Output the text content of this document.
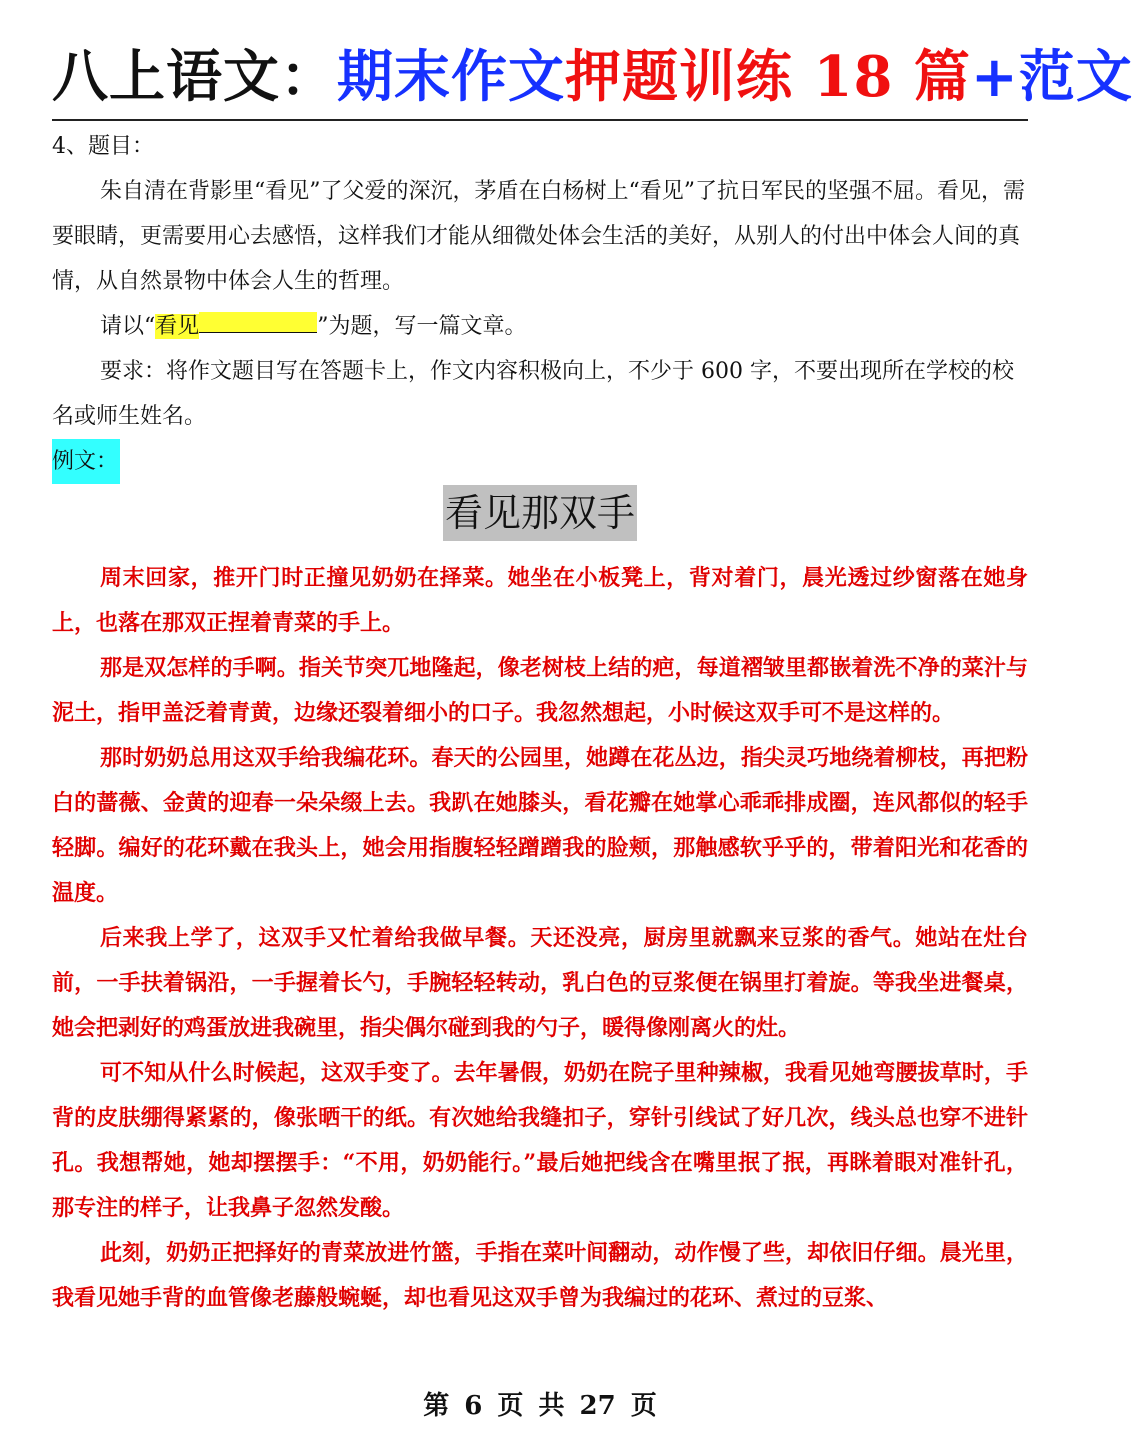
八上语文：期末作文押题训练 18 篇+范文

4、题目：

朱自清在背影里“看见”了父爱的深沉，茅盾在白杨树上“看见”了抗日军民的坚强不屈。看见，需要眼睛，更需要用心去感悟，这样我们才能从细微处体会生活的美好，从别人的付出中体会人间的真情，从自然景物中体会人生的哲理。

请以“看见	”为题，写一篇文章。

要求：将作文题目写在答题卡上，作文内容积极向上，不少于 600 字，不要出现所在学校的校名或师生姓名。

例文：

看见那双手

周末回家，推开门时正撞见奶奶在择菜。她坐在小板凳上，背对着门，晨光透过纱窗落在她身上，也落在那双正捏着青菜的手上。

那是双怎样的手啊。指关节突兀地隆起，像老树枝上结的疤，每道褶皱里都嵌着洗不净的菜汁与泥土，指甲盖泛着青黄，边缘还裂着细小的口子。我忽然想起，小时候这双手可不是这样的。

那时奶奶总用这双手给我编花环。春天的公园里，她蹲在花丛边，指尖灵巧地绕着柳枝，再把粉白的蔷薇、金黄的迎春一朵朵缀上去。我趴在她膝头，看花瓣在她掌心乖乖排成圈，连风都似的轻手轻脚。编好的花环戴在我头上，她会用指腹轻轻蹭蹭我的脸颊，那触感软乎乎的，带着阳光和花香的温度。

后来我上学了，这双手又忙着给我做早餐。天还没亮，厨房里就飘来豆浆的香气。她站在灶台前，一手扶着锅沿，一手握着长勺，手腕轻轻转动，乳白色的豆浆便在锅里打着旋。等我坐进餐桌，她会把剥好的鸡蛋放进我碗里，指尖偶尔碰到我的勺子，暖得像刚离火的灶。

可不知从什么时候起，这双手变了。去年暑假，奶奶在院子里种辣椒，我看见她弯腰拔草时，手背的皮肤绷得紧紧的，像张晒干的纸。有次她给我缝扣子，穿针引线试了好几次，线头总也穿不进针孔。我想帮她，她却摆摆手：“不用，奶奶能行。”最后她把线含在嘴里抿了抿，再眯着眼对准针孔，那专注的样子，让我鼻子忽然发酸。

此刻，奶奶正把择好的青菜放进竹篮，手指在菜叶间翻动，动作慢了些，却依旧仔细。晨光里，我看见她手背的血管像老藤般蜿蜒，却也看见这双手曾为我编过的花环、煮过的豆浆、

第 6 页 共 27 页
